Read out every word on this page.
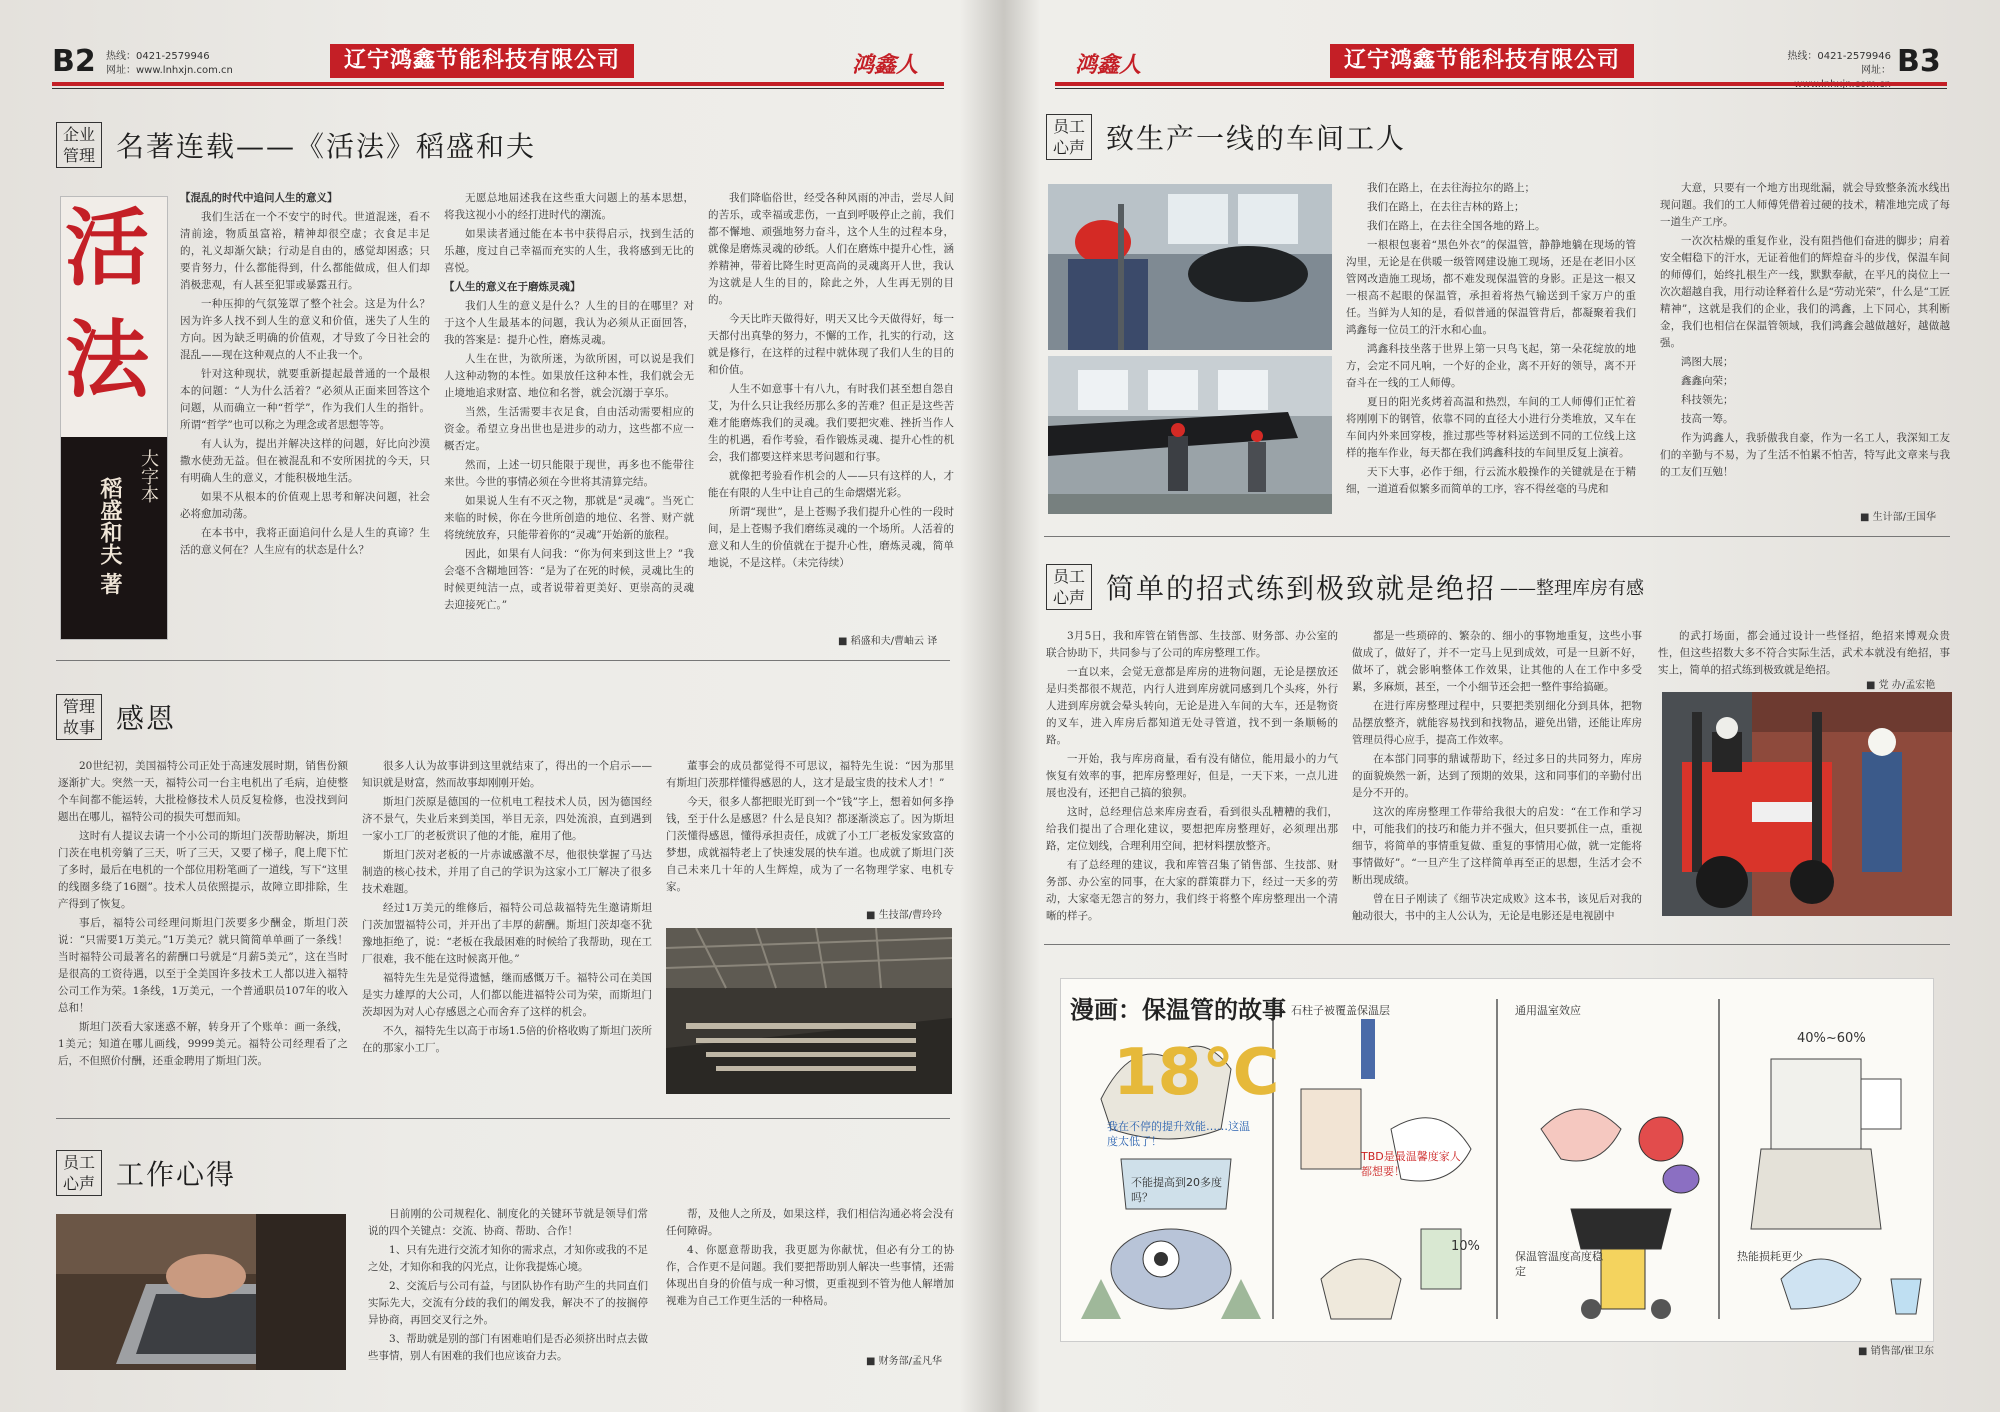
B2 热线：0421-2579946
网址：www.lnhxjn.com.cn	辽宁鸿鑫节能科技有限公司	鸿鑫人
企业
管理 名著连载——《活法》稻盛和夫
活
法
大字本
稻盛和夫 著

【混乱的时代中追问人生的意义】

我们生活在一个不安宁的时代。世道混迷，看不清前途，物质虽富裕，精神却很空虚；衣食足丰足的，礼义却渐欠缺；行动是自由的，感觉却困惑；只要肯努力，什么都能得到，什么都能做成，但人们却消极悲观，有人甚至犯罪或暴露丑行。

一种压抑的气氛笼罩了整个社会。这是为什么？因为许多人找不到人生的意义和价值，迷失了人生的方向。因为缺乏明确的价值观，才导致了今日社会的混乱——现在这种观点的人不止我一个。

针对这种现状，就要重新提起最普通的一个最根本的问题：“人为什么活着？”必须从正面来回答这个问题，从而确立一种“哲学”，作为我们人生的指针。所谓“哲学”也可以称之为理念或者思想等等。

有人认为，提出并解决这样的问题，好比向沙漠撒水使劲无益。但在被混乱和不安所困扰的今天，只有明确人生的意义，才能积极地生活。

如果不从根本的价值观上思考和解决问题，社会必将愈加动荡。

在本书中，我将正面追问什么是人生的真谛？生活的意义何在？人生应有的状态是什么？

无愿总地屈述我在这些重大问题上的基本思想，将我这视小小的经打进时代的潮流。

如果读者通过能在本书中获得启示，找到生活的乐趣，度过自己幸福而充实的人生，我将感到无比的喜悦。

【人生的意义在于磨炼灵魂】

我们人生的意义是什么？人生的目的在哪里？对于这个人生最基本的问题，我认为必须从正面回答，我的答案是：提升心性，磨炼灵魂。

人生在世，为欲所迷，为欲所困，可以说是我们人这种动物的本性。如果放任这种本性，我们就会无止境地追求财富、地位和名誉，就会沉溺于享乐。

当然，生活需要丰衣足食，自由活动需要相应的资金。希望立身出世也是进步的动力，这些都不应一概否定。

然而，上述一切只能限于现世，再多也不能带往来世。今世的事情必须在今世将其清算完结。

如果说人生有不灭之物，那就是“灵魂”。当死亡来临的时候，你在今世所创造的地位、名誉、财产就将统统放弃，只能带着你的“灵魂”开始新的旅程。

因此，如果有人问我：“你为何来到这世上？”我会毫不含糊地回答：“是为了在死的时候，灵魂比生的时候更纯洁一点，或者说带着更美好、更崇高的灵魂去迎接死亡。”

我们降临俗世，经受各种风雨的冲击，尝尽人间的苦乐，或幸福或悲伤，一直到呼吸停止之前，我们都不懈地、顽强地努力奋斗，这个人生的过程本身，就像是磨炼灵魂的砂纸。人们在磨炼中提升心性，涵养精神，带着比降生时更高尚的灵魂离开人世，我认为这就是人生的目的，除此之外，人生再无别的目的。

今天比昨天做得好，明天又比今天做得好，每一天都付出真挚的努力，不懈的工作，扎实的行动，这就是修行，在这样的过程中就体现了我们人生的目的和价值。

人生不如意事十有八九，有时我们甚至想自怨自艾，为什么只让我经历那么多的苦难？但正是这些苦难才能磨炼我们的灵魂。我们要把灾难、挫折当作人生的机遇，看作考验，看作锻炼灵魂、提升心性的机会，我们都要这样来思考问题和行事。

就像把考验看作机会的人——只有这样的人，才能在有限的人生中让自己的生命熠熠光彩。

所谓“现世”，是上苍赐予我们提升心性的一段时间，是上苍赐予我们磨练灵魂的一个场所。人活着的意义和人生的价值就在于提升心性，磨炼灵魂，简单地说，不是这样。（未完待续）

■ 稻盛和夫/曹岫云 译
管理
故事 感恩

20世纪初，美国福特公司正处于高速发展时期，销售份额逐渐扩大。突然一天，福特公司一台主电机出了毛病，迫使整个车间都不能运转，大批检修技术人员反复检修，也没找到问题出在哪儿，福特公司的损失可想而知。

这时有人提议去请一个小公司的斯坦门茨帮助解决，斯坦门茨在电机旁躺了三天，听了三天，又要了梯子，爬上爬下忙了多时，最后在电机的一个部位用粉笔画了一道线，写下“这里的线圈多绕了16圈”。技术人员依照提示，故障立即排除，生产得到了恢复。

事后，福特公司经理问斯坦门茨要多少酬金，斯坦门茨说：“只需要1万美元。”1万美元？就只简简单单画了一条线！当时福特公司最著名的薪酬口号就是“月薪5美元”，这在当时是很高的工资待遇，以至于全美国许多技术工人都以进入福特公司工作为荣。1条线，1万美元，一个普通职员107年的收入总和！

斯坦门茨看大家迷惑不解，转身开了个账单：画一条线，1美元；知道在哪儿画线，9999美元。福特公司经理看了之后，不但照价付酬，还重金聘用了斯坦门茨。

很多人认为故事讲到这里就结束了，得出的一个启示——知识就是财富，然而故事却刚刚开始。

斯坦门茨原是德国的一位机电工程技术人员，因为德国经济不景气，失业后来到美国，举目无亲，四处流浪，直到遇到一家小工厂的老板赏识了他的才能，雇用了他。

斯坦门茨对老板的一片赤诚感激不尽，他很快掌握了马达制造的核心技术，并用了自己的学识为这家小工厂解决了很多技术难题。

经过1万美元的维修后，福特公司总裁福特先生邀请斯坦门茨加盟福特公司，并开出了丰厚的薪酬。斯坦门茨却毫不犹豫地拒绝了，说：“老板在我最困难的时候给了我帮助，现在工厂很难，我不能在这时候离开他。”

福特先生先是觉得遗憾，继而感慨万千。福特公司在美国是实力雄厚的大公司，人们都以能进福特公司为荣，而斯坦门茨却因为对人心存感恩之心而舍弃了这样的机会。

不久，福特先生以高于市场1.5倍的价格收购了斯坦门茨所在的那家小工厂。

董事会的成员都觉得不可思议，福特先生说：“因为那里有斯坦门茨那样懂得感恩的人，这才是最宝贵的技术人才！”

今天，很多人都把眼光盯到一个“钱”字上，想着如何多挣钱，至于什么是感恩？什么是良知？都逐渐淡忘了。因为斯坦门茨懂得感恩，懂得承担责任，成就了小工厂老板发家致富的梦想，成就福特老上了快速发展的快车道。也成就了斯坦门茨自己未来几十年的人生辉煌，成为了一名物理学家、电机专家。

■ 生技部/曹玲玲
员工
心声 工作心得

日前刚的公司规程化、制度化的关键环节就是领导们常说的四个关键点：交流、协商、帮助、合作！

1、只有先进行交流才知你的需求点，才知你或我的不足之处，才知你和我的闪光点，让你我提炼心境。

2、交流后与公司有益，与团队协作有助产生的共同直们实际先大，交流有分歧的我们的阐发我，解决不了的按搁停异协商，再回交叉行之外。

3、帮助就是别的部门有困难咱们是否必须挤出时点去做些事情，别人有困难的我们也应该奋力去。

帮，及他人之所及，如果这样，我们相信沟通必将会没有任何障碍。

4、你愿意帮助我，我更愿为你献忧，但必有分工的协作，合作更不是问题。我们要把帮助别人解决一些事情，还需体现出自身的价值与成一种习惯，更重视到不管为他人解增加视难为自己工作更生活的一种格局。

■ 财务部/孟凡华
鸿鑫人	辽宁鸿鑫节能科技有限公司	热线：0421-2579946
网址： B3
员工
心声 致生产一线的车间工人

我们在路上，在去往海拉尔的路上；

我们在路上，在去往吉林的路上；

我们在路上，在去往全国各地的路上。

一根根包裹着“黑色外衣”的保温管，静静地躺在现场的管沟里，无论是在供暖一级管网建设施工现场，还是在老旧小区管网改造施工现场，都不难发现保温管的身影。正是这一根又一根高不起眼的保温管，承担着将热气输送到千家万户的重任。当鲜为人知的是，看似普通的保温管背后，都凝聚着我们鸿鑫每一位员工的汗水和心血。

鸿鑫科技坐落于世界上第一只鸟飞起，第一朵花绽放的地方，会定不同凡响，一个好的企业，离不开好的领导，离不开奋斗在一线的工人师傅。

夏日的阳光炙烤着高温和热烈，车间的工人师傅们正忙着将刚刚下的钢管，依靠不同的直径大小进行分类堆放，又车在车间内外来回穿梭，推过那些等材料运送到不同的工位线上这样的拖车作业，每天都在我们鸿鑫科技的车间里反复上演着。

天下大事，必作于细，行云流水般操作的关键就是在于精细，一道道看似繁多而简单的工序，容不得丝毫的马虎和

大意，只要有一个地方出现纰漏，就会导致整条流水线出现问题。我们的工人师傅凭借着过硬的技术，精准地完成了每一道生产工序。

一次次枯燥的重复作业，没有阻挡他们奋进的脚步；肩着安全帽稳下的汗水，无证着他们的辉煌奋斗的步伐，保温车间的师傅们，始终扎根生产一线，默默奉献，在平凡的岗位上一次次超越自我，用行动诠释着什么是“劳动光荣”，什么是“工匠精神”，这就是我们的企业，我们的鸿鑫，上下同心，其利断金，我们也相信在保温管领域，我们鸿鑫会越做越好，越做越强。

鸿图大展；

鑫鑫向荣；

科技领先；

技高一筹。

作为鸿鑫人，我骄傲我自豪，作为一名工人，我深知工友们的辛勤与不易，为了生活不怕累不怕苦，特写此文章来与我的工友们互勉！

■ 生计部/王国华
员工
心声 简单的招式练到极致就是绝招 ——整理库房有感

3月5日，我和库管在销售部、生技部、财务部、办公室的联合协助下，共同参与了公司的库房整理工作。

一直以来，会觉无意都是库房的进物问题，无论是摆放还是归类都很不规范，内行人进到库房就同感到几个头疼，外行人进到库房就会晕头转向，无论是进入车间的大车，还是物资的叉车，进入库房后都知道无处寻管道，找不到一条顺畅的路。

一开始，我与库房商量，看有没有储位，能用最小的力气恢复有效率的事，把库房整理好，但是，一天下来，一点儿进展也没有，还把自己搞的狼狈。

这时，总经理信总来库房查看，看到很头乱糟糟的我们，给我们提出了合理化建议，要想把库房整理好，必须理出那路，定位划线，合理利用空间，把材料摆放整齐。

有了总经理的建议，我和库管召集了销售部、生技部、财务部、办公室的同事，在大家的群策群力下，经过一天多的劳动，大家毫无怨言的努力，我们终于将整个库房整理出一个清晰的样子。

都是一些琐碎的、繁杂的、细小的事物地重复，这些小事做成了，做好了，并不一定马上见到成效，可是一旦新不好，做坏了，就会影响整体工作效果，让其他的人在工作中多受累，多麻烦，甚至，一个小细节还会把一整件事给搞砸。

在进行库房整理过程中，只要把类别细化分到具体，把物品摆放整齐，就能容易找到和找物品，避免出错，还能让库房管理员得心应手，提高工作效率。

在本部门同事的鼎诚帮助下，经过多日的共同努力，库房的面貌焕然一新，达到了预期的效果，这和同事们的辛勤付出是分不开的。

这次的库房整理工作带给我很大的启发：“在工作和学习中，可能我们的技巧和能力并不强大，但只要抓住一点，重视细节，将简单的事情重复做、重复的事情用心做，就一定能将事情做好”。“一旦产生了这样简单再至正的思想，生活才会不断出现成绩。

曾在日子刚读了《细节决定成败》这本书，该见后对我的触动很大，书中的主人公认为，无论是电影还是电视剧中

的武打场面，都会通过设计一些怪招，绝招来博观众贵性，但这些招数大多不符合实际生活，武术本就没有绝招，事实上，简单的招式练到极致就是绝招。

■ 党 办/孟宏艳
18℃
我在不停的提升效能……这温度太低了！
不能提高到20多度吗？
TBD是最温馨度家人都想要！
石柱子被覆盖保温层	通用温室效应
保温管温度高度稳定
40%~60%
热能损耗更少
10%
漫画：保温管的故事
■ 销售部/崔卫东
